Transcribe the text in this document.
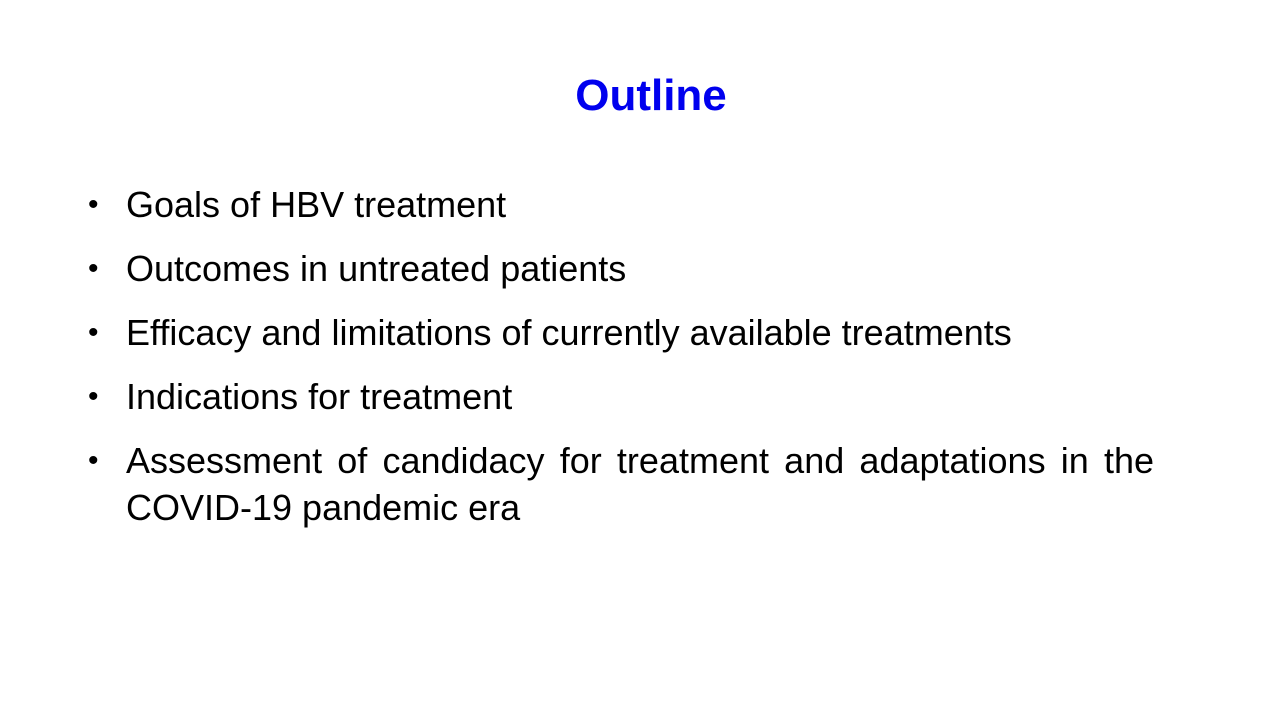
Outline
• Goals of HBV treatment
• Outcomes in untreated patients
• Efficacy and limitations of currently available treatments
• Indications for treatment
• Assessment of candidacy for treatment and adaptations in the COVID-19 pandemic era
